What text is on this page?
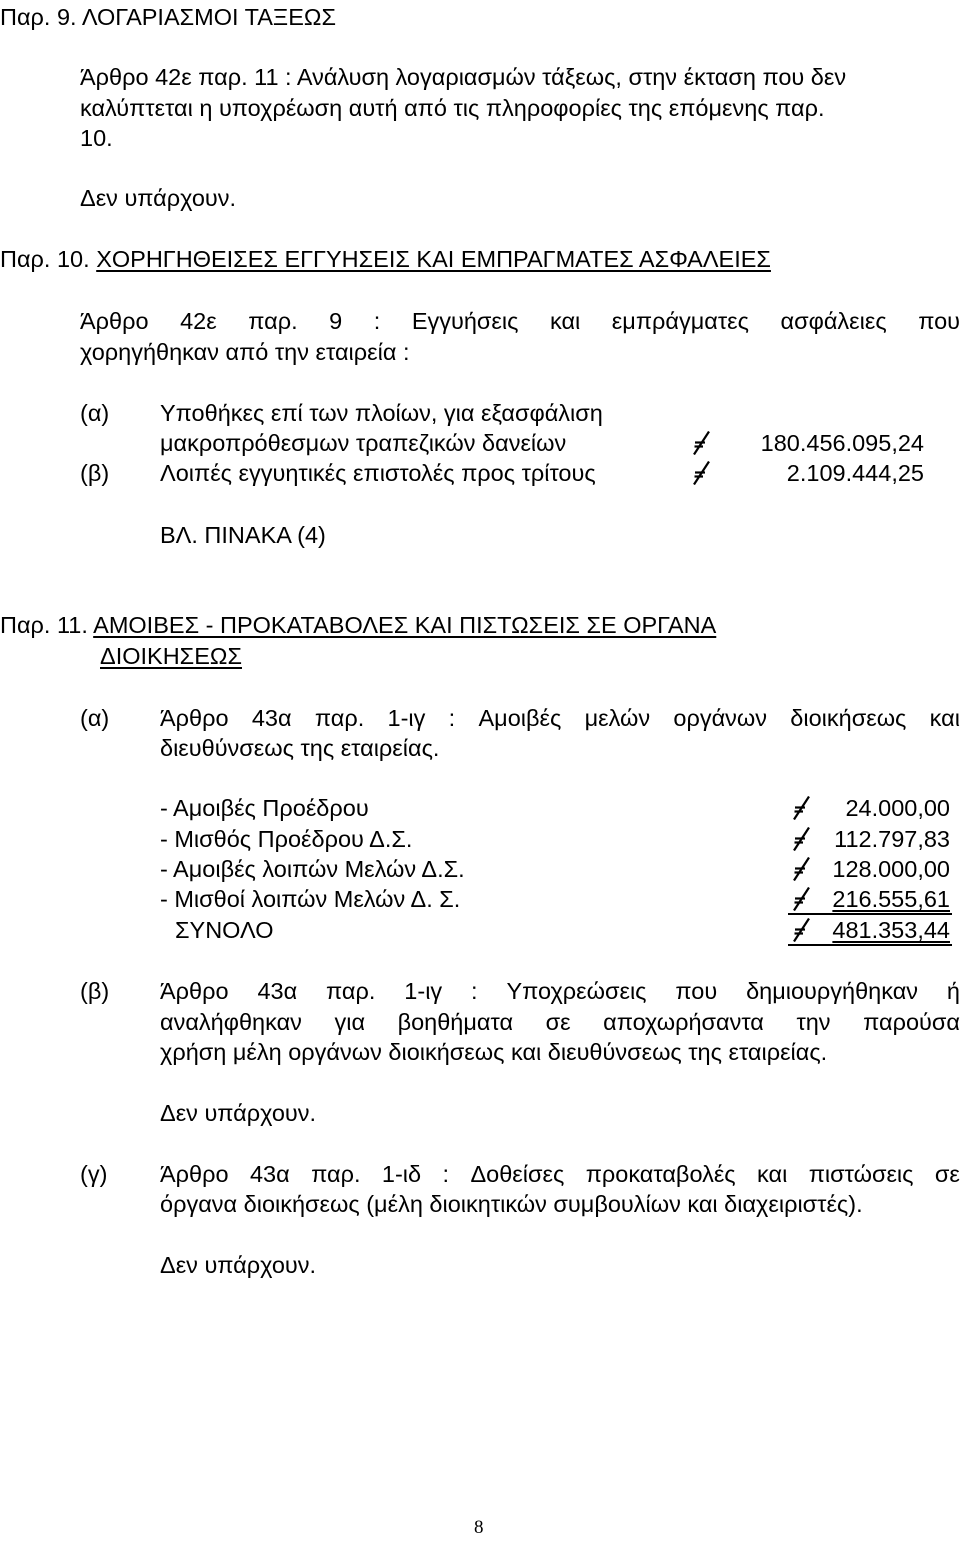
Παρ. 9. ΛΟΓΑΡΙΑΣΜΟΙ ΤΑΞΕΩΣ
Άρθρο 42ε παρ. 11 : Ανάλυση λογαριασμών τάξεως, στην έκταση που δεν
καλύπτεται η υποχρέωση αυτή από τις πληροφορίες της επόμενης παρ.
10.
Δεν υπάρχουν.
Παρ. 10. ΧΟΡΗΓΗΘΕΙΣΕΣ ΕΓΓΥΗΣΕΙΣ ΚΑΙ ΕΜΠΡΑΓΜΑΤΕΣ ΑΣΦΑΛΕΙΕΣ
Άρθρο 42ε παρ. 9 : Εγγυήσεις και εμπράγματες ασφάλειες που
χορηγήθηκαν από την εταιρεία :
(α) Υποθήκες επί των πλοίων, για εξασφάλιση
μακροπρόθεσμων τραπεζικών δανείων	180.456.095,24
(β) Λοιπές εγγυητικές επιστολές προς τρίτους	2.109.444,25
ΒΛ. ΠΙΝΑΚΑ (4)
Παρ. 11. ΑΜΟΙΒΕΣ - ΠΡΟΚΑΤΑΒΟΛΕΣ ΚΑΙ ΠΙΣΤΩΣΕΙΣ ΣΕ ΟΡΓΑΝΑ
ΔΙΟΙΚΗΣΕΩΣ
(α) Άρθρο 43α παρ. 1-ιγ : Αμοιβές μελών οργάνων διοικήσεως και
διευθύνσεως της εταιρείας.
- Αμοιβές Προέδρου	24.000,00
- Μισθός Προέδρου Δ.Σ.	112.797,83
- Αμοιβές λοιπών Μελών Δ.Σ.	128.000,00
- Μισθοί λοιπών Μελών Δ. Σ.	216.555,61
ΣΥΝΟΛΟ	481.353,44
(β) Άρθρο 43α παρ. 1-ιγ : Υποχρεώσεις που δημιουργήθηκαν ή
αναλήφθηκαν για βοηθήματα σε αποχωρήσαντα την παρούσα
χρήση μέλη οργάνων διοικήσεως και διευθύνσεως της εταιρείας.
Δεν υπάρχουν.
(γ) Άρθρο 43α παρ. 1-ιδ : Δοθείσες προκαταβολές και πιστώσεις σε
όργανα διοικήσεως (μέλη διοικητικών συμβουλίων και διαχειριστές).
Δεν υπάρχουν.
8
